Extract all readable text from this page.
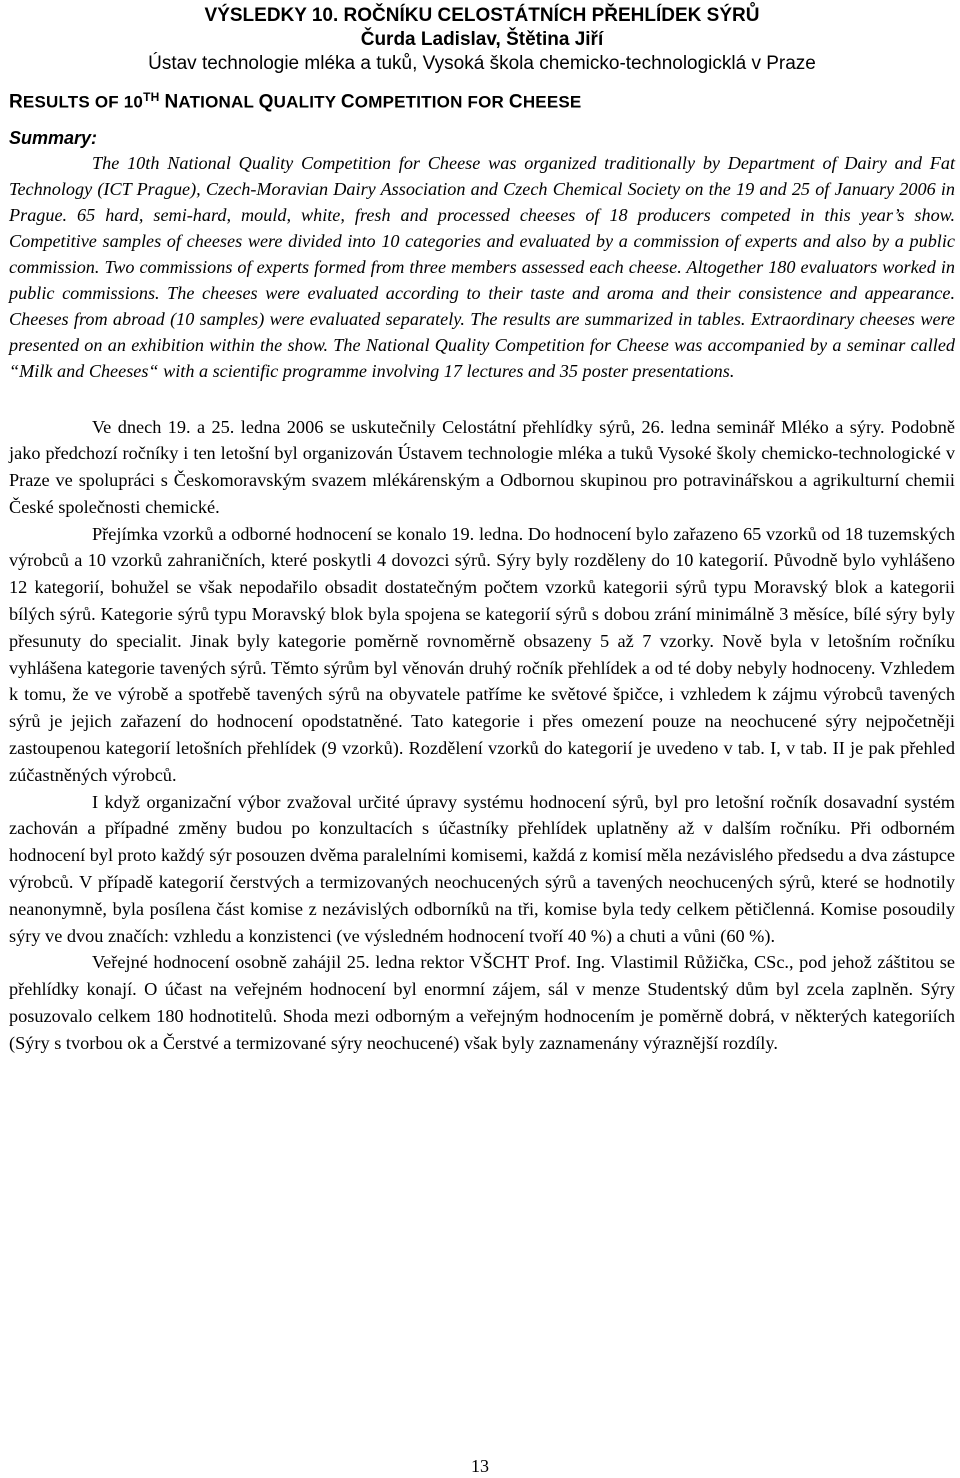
VÝSLEDKY 10. ROČNÍKU CELOSTÁTNÍCH PŘEHLÍDEK SÝRŮ
Čurda Ladislav, Štětina Jiří
Ústav technologie mléka a tuků, Vysoká škola chemicko-technologicklá v Praze
RESULTS OF 10TH NATIONAL QUALITY COMPETITION FOR CHEESE
Summary:
The 10th National Quality Competition for Cheese was organized traditionally by Department of Dairy and Fat Technology (ICT Prague), Czech-Moravian Dairy Association and Czech Chemical Society on the 19 and 25 of January 2006 in Prague. 65 hard, semi-hard, mould, white, fresh and processed cheeses of 18 producers competed in this year’s show. Competitive samples of cheeses were divided into 10 categories and evaluated by a commission of experts and also by a public commission. Two commissions of experts formed from three members assessed each cheese. Altogether 180 evaluators worked in public commissions. The cheeses were evaluated according to their taste and aroma and their consistence and appearance. Cheeses from abroad (10 samples) were evaluated separately. The results are summarized in tables. Extraordinary cheeses were presented on an exhibition within the show. The National Quality Competition for Cheese was accompanied by a seminar called “Milk and Cheeses“ with a scientific programme involving 17 lectures and 35 poster presentations.

Ve dnech 19. a 25. ledna 2006 se uskutečnily Celostátní přehlídky sýrů, 26. ledna seminář Mléko a sýry. Podobně jako předchozí ročníky i ten letošní byl organizován Ústavem technologie mléka a tuků Vysoké školy chemicko-technologické v Praze ve spolupráci s Českomoravským svazem mlékárenským a Odbornou skupinou pro potravinářskou a agrikulturní chemii České společnosti chemické.

Přejímka vzorků a odborné hodnocení se konalo 19. ledna. Do hodnocení bylo zařazeno 65 vzorků od 18 tuzemských výrobců a 10 vzorků zahraničních, které poskytli 4 dovozci sýrů. Sýry byly rozděleny do 10 kategorií. Původně bylo vyhlášeno 12 kategorií, bohužel se však nepodařilo obsadit dostatečným počtem vzorků kategorii sýrů typu Moravský blok a kategorii bílých sýrů. Kategorie sýrů typu Moravský blok byla spojena se kategorií sýrů s dobou zrání minimálně 3 měsíce, bílé sýry byly přesunuty do specialit. Jinak byly kategorie poměrně rovnoměrně obsazeny 5 až 7 vzorky. Nově byla v letošním ročníku vyhlášena kategorie tavených sýrů. Těmto sýrům byl věnován druhý ročník přehlídek a od té doby nebyly hodnoceny. Vzhledem k tomu, že ve výrobě a spotřebě tavených sýrů na obyvatele patříme ke světové špičce, i vzhledem k zájmu výrobců tavených sýrů je jejich zařazení do hodnocení opodstatněné. Tato kategorie i přes omezení pouze na neochucené sýry nejpočetněji zastoupenou kategorií letošních přehlídek (9 vzorků). Rozdělení vzorků do kategorií je uvedeno v tab. I, v tab. II je pak přehled zúčastněných výrobců.

I když organizační výbor zvažoval určité úpravy systému hodnocení sýrů, byl pro letošní ročník dosavadní systém zachován a případné změny budou po konzultacích s účastníky přehlídek uplatněny až v dalším ročníku. Při odborném hodnocení byl proto každý sýr posouzen dvěma paralelními komisemi, každá z komisí měla nezávislého předsedu a dva zástupce výrobců. V případě kategorií čerstvých a termizovaných neochucených sýrů a tavených neochucených sýrů, které se hodnotily neanonymně, byla posílena část komise z nezávislých odborníků na tři, komise byla tedy celkem pětičlenná. Komise posoudily sýry ve dvou značích: vzhledu a konzistenci (ve výsledném hodnocení tvoří 40 %) a chuti a vůni (60 %).

Veřejné hodnocení osobně zahájil 25. ledna rektor VŠCHT Prof. Ing. Vlastimil Růžička, CSc., pod jehož záštitou se přehlídky konají. O účast na veřejném hodnocení byl enormní zájem, sál v menze Studentský dům byl zcela zaplněn. Sýry posuzovalo celkem 180 hodnotitelů. Shoda mezi odborným a veřejným hodnocením je poměrně dobrá, v některých kategoriích (Sýry s tvorbou ok a Čerstvé a termizované sýry neochucené) však byly zaznamenány výraznější rozdíly.

13
